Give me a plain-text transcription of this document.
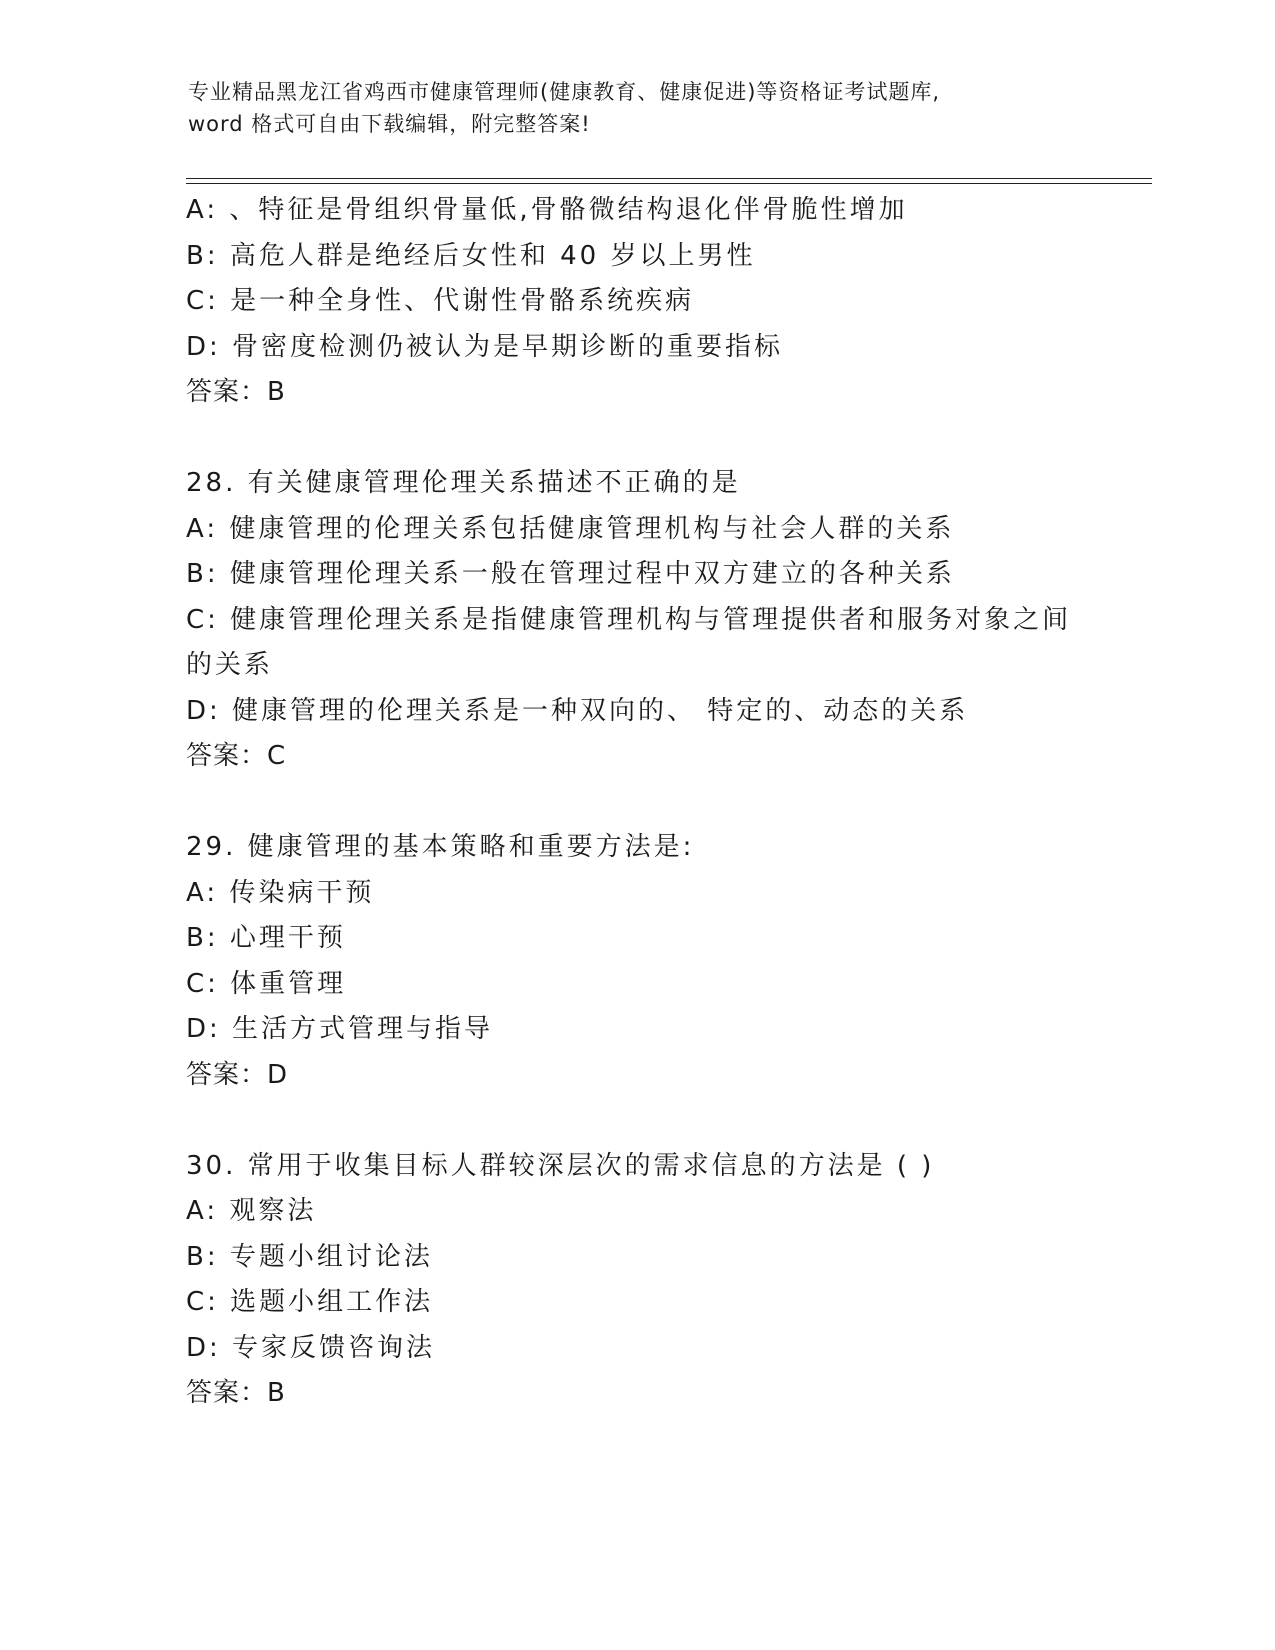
专业精品黑龙江省鸡西市健康管理师(健康教育、健康促进)等资格证考试题库,
word 格式可自由下载编辑，附完整答案!
A: 、特征是骨组织骨量低,骨骼微结构退化伴骨脆性增加
B: 高危人群是绝经后女性和 40 岁以上男性
C: 是一种全身性、代谢性骨骼系统疾病
D: 骨密度检测仍被认为是早期诊断的重要指标
答案：B
28. 有关健康管理伦理关系描述不正确的是
A: 健康管理的伦理关系包括健康管理机构与社会人群的关系
B: 健康管理伦理关系一般在管理过程中双方建立的各种关系
C: 健康管理伦理关系是指健康管理机构与管理提供者和服务对象之间
的关系
D: 健康管理的伦理关系是一种双向的、 特定的、动态的关系
答案：C
29. 健康管理的基本策略和重要方法是:
A: 传染病干预
B: 心理干预
C: 体重管理
D: 生活方式管理与指导
答案：D
30. 常用于收集目标人群较深层次的需求信息的方法是 ( )
A: 观察法
B: 专题小组讨论法
C: 选题小组工作法
D: 专家反馈咨询法
答案：B
